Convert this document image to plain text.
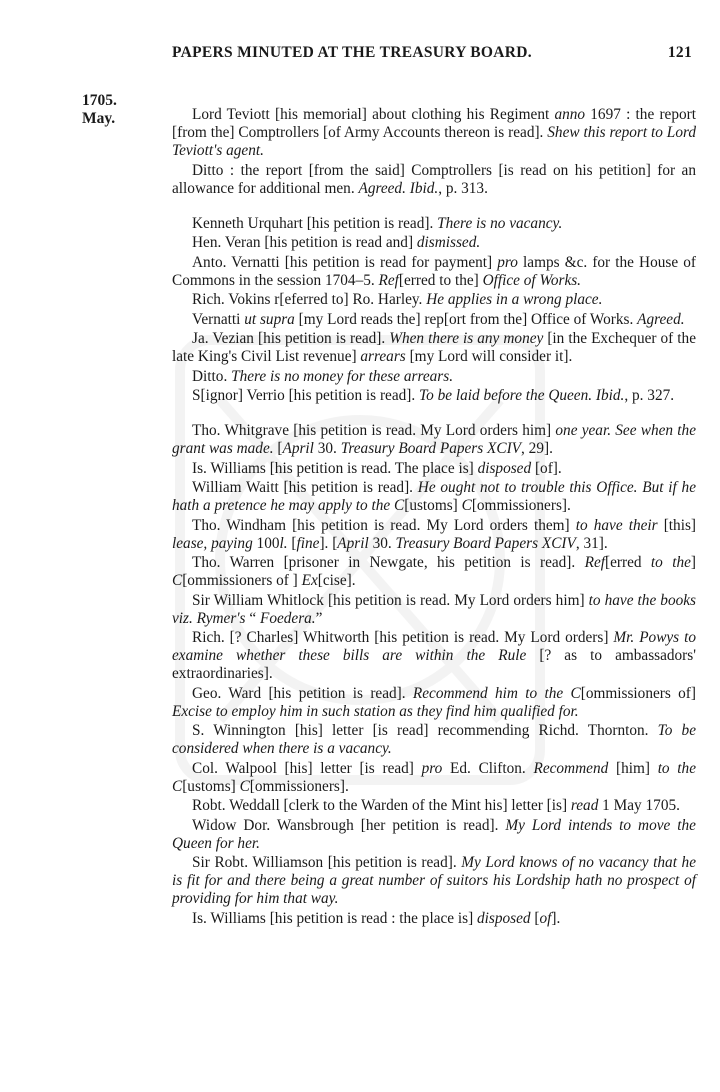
PAPERS MINUTED AT THE TREASURY BOARD.	121
1705.
May.	Lord Teviott [his memorial] about clothing his Regiment anno 1697 : the report [from the] Comptrollers [of Army Accounts thereon is read]. Shew this report to Lord Teviott's agent.

Ditto : the report [from the said] Comptrollers [is read on his petition] for an allowance for additional men. Agreed. Ibid., p. 313.

Kenneth Urquhart [his petition is read]. There is no vacancy.

Hen. Veran [his petition is read and] dismissed.

Anto. Vernatti [his petition is read for payment] pro lamps &c. for the House of Commons in the session 1704–5. Ref[erred to the] Office of Works.

Rich. Vokins r[eferred to] Ro. Harley. He applies in a wrong place.

Vernatti ut supra [my Lord reads the] rep[ort from the] Office of Works. Agreed.

Ja. Vezian [his petition is read]. When there is any money [in the Exchequer of the late King's Civil List revenue] arrears [my Lord will consider it].

Ditto. There is no money for these arrears.

S[ignor] Verrio [his petition is read]. To be laid before the Queen. Ibid., p. 327.

Tho. Whitgrave [his petition is read. My Lord orders him] one year. See when the grant was made. [April 30. Treasury Board Papers XCIV, 29].

Is. Williams [his petition is read. The place is] disposed [of].

William Waitt [his petition is read]. He ought not to trouble this Office. But if he hath a pretence he may apply to the C[ustoms] C[ommissioners].

Tho. Windham [his petition is read. My Lord orders them] to have their [this] lease, paying 100l. [fine]. [April 30. Treasury Board Papers XCIV, 31].

Tho. Warren [prisoner in Newgate, his petition is read]. Ref[erred to the] C[ommissioners of ] Ex[cise].

Sir William Whitlock [his petition is read. My Lord orders him] to have the books viz. Rymer's “ Foedera.”

Rich. [? Charles] Whitworth [his petition is read. My Lord orders] Mr. Powys to examine whether these bills are within the Rule [? as to ambassadors' extraordinaries].

Geo. Ward [his petition is read]. Recommend him to the C[ommissioners of] Excise to employ him in such station as they find him qualified for.

S. Winnington [his] letter [is read] recommending Richd. Thornton. To be considered when there is a vacancy.

Col. Walpool [his] letter [is read] pro Ed. Clifton. Recommend [him] to the C[ustoms] C[ommissioners].

Robt. Weddall [clerk to the Warden of the Mint his] letter [is] read 1 May 1705.

Widow Dor. Wansbrough [her petition is read]. My Lord intends to move the Queen for her.

Sir Robt. Williamson [his petition is read]. My Lord knows of no vacancy that he is fit for and there being a great number of suitors his Lordship hath no prospect of providing for him that way.

Is. Williams [his petition is read : the place is] disposed [of].
